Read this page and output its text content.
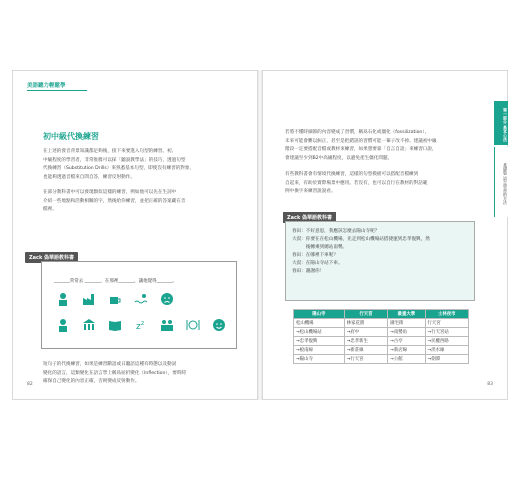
美語聽力輕鬆學
初中級代換練習
在上述的發音背景知識都足夠後，接下來要進入句型的練習。初、
中級程度的學習者，非常推薦可以採「聽說教學法」的技巧，透過句型
代換練習（Substitution Drills）來熟悉基本句型，即使沒有練習的對象，
也能夠透過音檔來自問自答，練習反射動作。
在部分教科書中可以發現類似這樣的練習，例如他可以先在生詞中
介紹一些地點和活動相關的字，然後給你練習，並把正確的答案藏在音
檔裡。
Zack 偽華語教科書
_______常常去 _______，在那裡_______，讓他覺得_______。
z z
短句子的代換練習，如果是練習斷語或日聽語這種有時態以及動詞
變化的語言，這類變化在語言學上稱爲屈折變化（Inflection），要時時
確保自己變化的內容正確，否則變成反射動作。
82
第一部分 基本心法
基礎篇 語言學習的方法
若將不懂時細節的內容變成了習慣，稱爲石化或僵化（fossilization），
未來可能會難以糾正，甚至是把錯誤的習慣可能一輩子改不掉。建議初中級
階段一定要搭配音檔或教材來練習，如果想要靠「自言自語」來練習口說，
會建議至少到B2中高級程度，以避免產生僵化問題。
有些教科書會有情境代換練習，這樣的句型模板可以搭配音檔練到
自起來，有助於實際場景中應用。若沒有，也可以自行在教材的對話範
例中換字來練習說說看。
Zack 偽華語教科書
春田：不好意思，我應該怎麼去陽山寺呢？
大叔：你要在在松山機場，先走到松山機場站搭捷運到忠孝復興，然
　　　後轉乘到總站南勢。
春田：在哪裡下車呢？
大叔：在陽山寺站下車。
春田：謝謝你！
陽山寺	行天宮	最重大學	士林夜市
松山機場	林家花園	國宅街	行天宮
→松山機場站	→府中	→南勢角	→行天宮站
→忠孝復興	→忠孝新生	→古亭	→民權西路
→板南線	→新莊線	→新店線	→淡水線
→陽山寺	→行天宮	→公館	→劍潭
83
